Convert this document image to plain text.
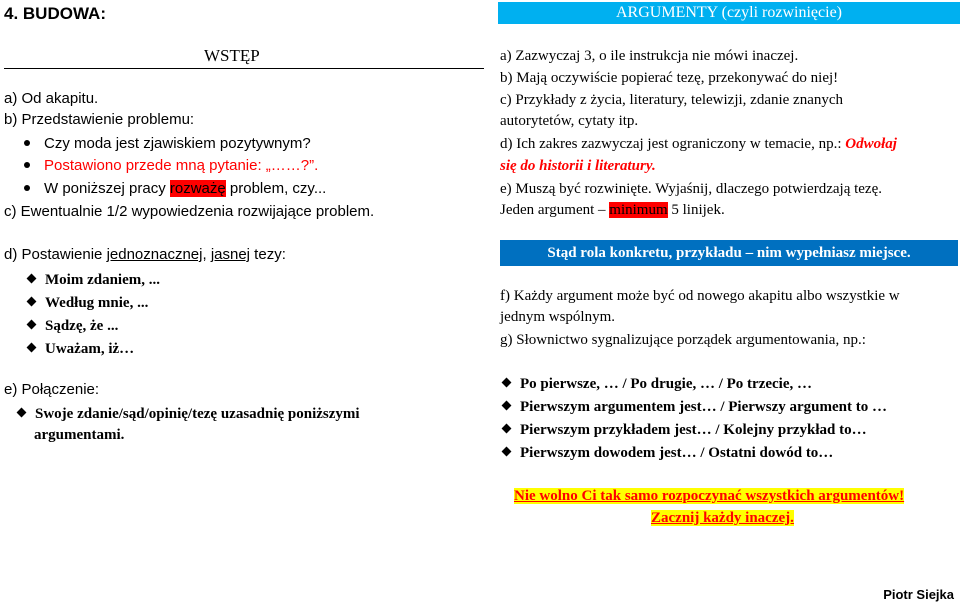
4. BUDOWA:
WSTĘP
a) Od akapitu.
b) Przedstawienie problemu:
Czy moda jest zjawiskiem pozytywnym?
Postawiono przede mną pytanie: „……?”.
W poniższej pracy rozważę problem, czy...
c) Ewentualnie 1/2 wypowiedzenia rozwijające problem.
d) Postawienie jednoznacznej, jasnej tezy:
Moim zdaniem, ...
Według mnie, ...
Sądzę, że ...
Uważam, iż…
e) Połączenie:
Swoje zdanie/sąd/opinię/tezę uzasadnię poniższymi
argumentami.
ARGUMENTY (czyli rozwinięcie)
a) Zazwyczaj 3, o ile instrukcja nie mówi inaczej.
b) Mają oczywiście popierać tezę, przekonywać do niej!
c) Przykłady z życia, literatury, telewizji, zdanie znanych
autorytetów, cytaty itp.
d) Ich zakres zazwyczaj jest ograniczony w temacie, np.: Odwołaj
się do historii i literatury.
e) Muszą być rozwinięte. Wyjaśnij, dlaczego potwierdzają tezę.
Jeden argument – minimum 5 linijek.
Stąd rola konkretu, przykładu – nim wypełniasz miejsce.
f) Każdy argument może być od nowego akapitu albo wszystkie w
jednym wspólnym.
g) Słownictwo sygnalizujące porządek argumentowania, np.:
Po pierwsze, … / Po drugie, … / Po trzecie, …
Pierwszym argumentem jest… / Pierwszy argument to …
Pierwszym przykładem jest… / Kolejny przykład to…
Pierwszym dowodem jest… / Ostatni dowód to…
Nie wolno Ci tak samo rozpoczynać wszystkich argumentów!
Zacznij każdy inaczej.
Piotr Siejka
